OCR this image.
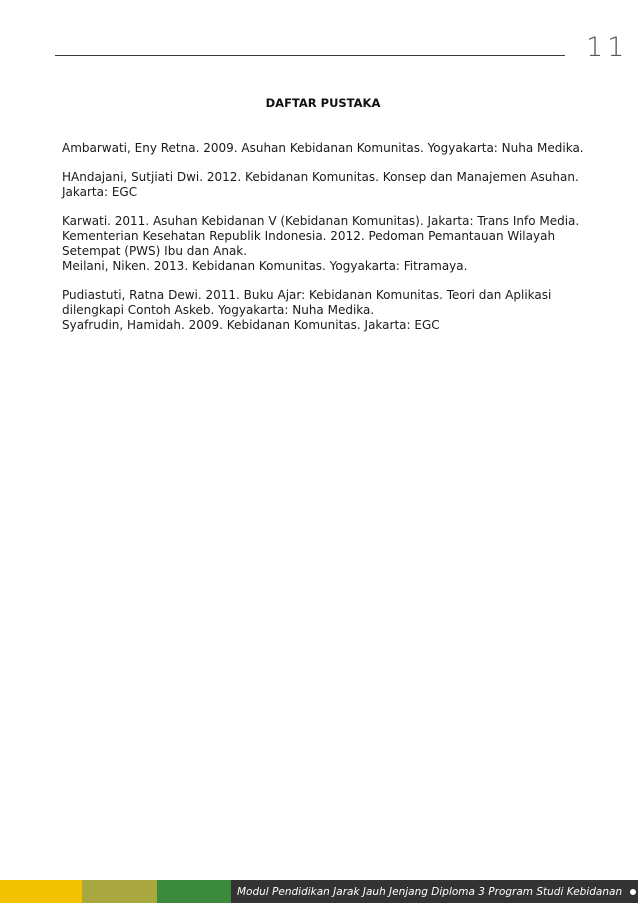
11
DAFTAR PUSTAKA
Ambarwati, Eny Retna. 2009. Asuhan Kebidanan Komunitas. Yogyakarta: Nuha Medika.
HAndajani, Sutjiati Dwi. 2012. Kebidanan Komunitas. Konsep dan Manajemen Asuhan.
Jakarta: EGC
Karwati. 2011. Asuhan Kebidanan V (Kebidanan Komunitas). Jakarta: Trans Info Media.
Kementerian Kesehatan Republik Indonesia. 2012. Pedoman Pemantauan Wilayah
Setempat (PWS) Ibu dan Anak.
Meilani, Niken. 2013. Kebidanan Komunitas. Yogyakarta: Fitramaya.
Pudiastuti, Ratna Dewi. 2011. Buku Ajar: Kebidanan Komunitas. Teori dan Aplikasi
dilengkapi Contoh Askeb. Yogyakarta: Nuha Medika.
Syafrudin, Hamidah. 2009. Kebidanan Komunitas. Jakarta: EGC
Modul Pendidikan Jarak Jauh Jenjang Diploma 3 Program Studi Kebidanan
